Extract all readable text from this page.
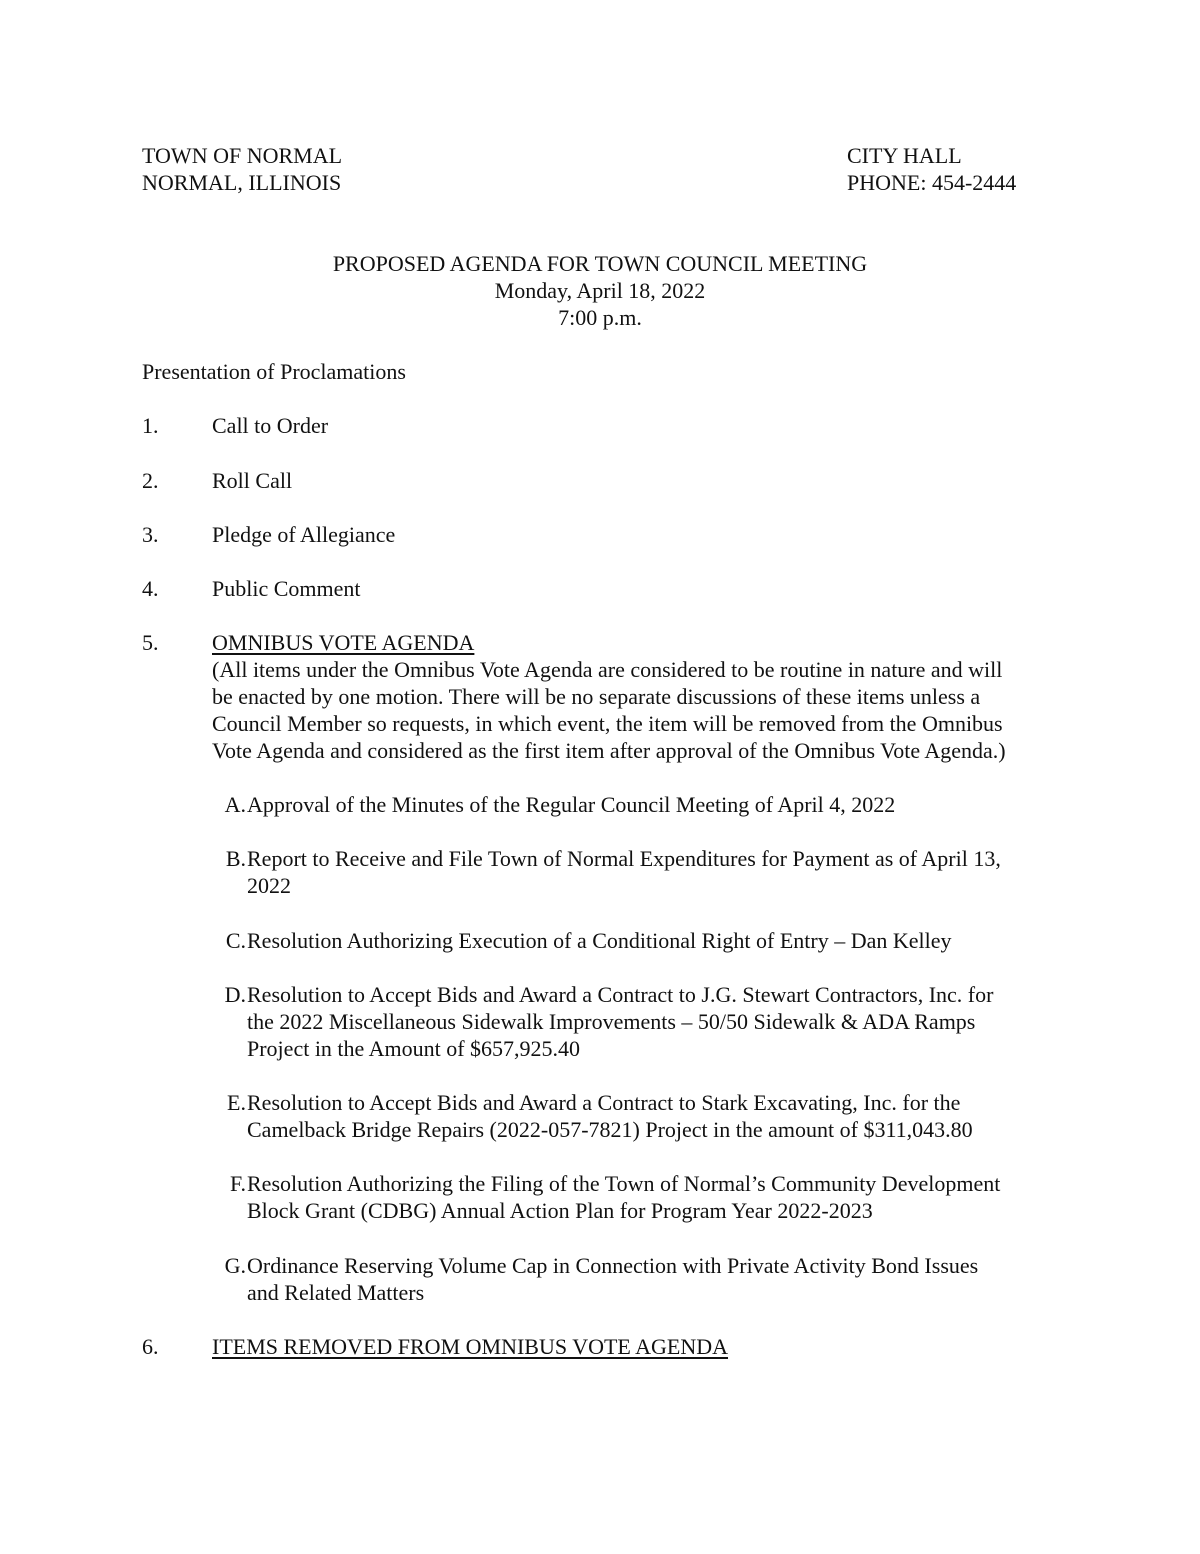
TOWN OF NORMAL
NORMAL, ILLINOIS
CITY HALL
PHONE: 454-2444
PROPOSED AGENDA FOR TOWN COUNCIL MEETING
Monday, April 18, 2022
7:00 p.m.
Presentation of Proclamations
1. Call to Order
2. Roll Call
3. Pledge of Allegiance
4. Public Comment
5. OMNIBUS VOTE AGENDA
(All items under the Omnibus Vote Agenda are considered to be routine in nature and will
be enacted by one motion. There will be no separate discussions of these items unless a
Council Member so requests, in which event, the item will be removed from the Omnibus
Vote Agenda and considered as the first item after approval of the Omnibus Vote Agenda.)
A. Approval of the Minutes of the Regular Council Meeting of April 4, 2022
B. Report to Receive and File Town of Normal Expenditures for Payment as of April 13,
2022
C. Resolution Authorizing Execution of a Conditional Right of Entry – Dan Kelley
D. Resolution to Accept Bids and Award a Contract to J.G. Stewart Contractors, Inc. for
the 2022 Miscellaneous Sidewalk Improvements – 50/50 Sidewalk & ADA Ramps
Project in the Amount of $657,925.40
E. Resolution to Accept Bids and Award a Contract to Stark Excavating, Inc. for the
Camelback Bridge Repairs (2022-057-7821) Project in the amount of $311,043.80
F. Resolution Authorizing the Filing of the Town of Normal’s Community Development
Block Grant (CDBG) Annual Action Plan for Program Year 2022-2023
G. Ordinance Reserving Volume Cap in Connection with Private Activity Bond Issues
and Related Matters
6. ITEMS REMOVED FROM OMNIBUS VOTE AGENDA
